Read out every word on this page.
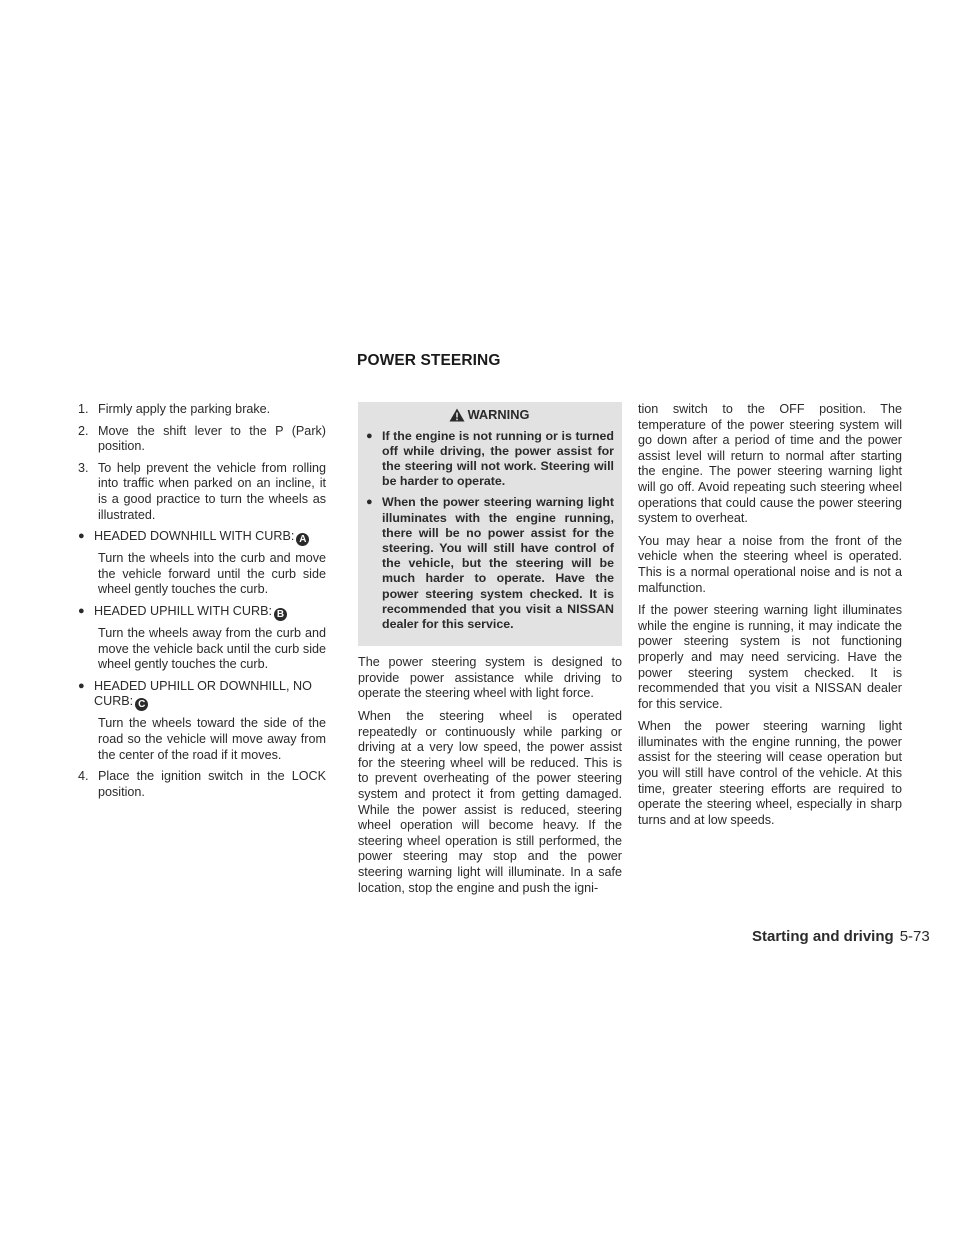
POWER STEERING
1. Firmly apply the parking brake.
2. Move the shift lever to the P (Park) position.
3. To help prevent the vehicle from rolling into traffic when parked on an incline, it is a good practice to turn the wheels as illustrated.
● HEADED DOWNHILL WITH CURB: A
Turn the wheels into the curb and move the vehicle forward until the curb side wheel gently touches the curb.
● HEADED UPHILL WITH CURB: B
Turn the wheels away from the curb and move the vehicle back until the curb side wheel gently touches the curb.
● HEADED UPHILL OR DOWNHILL, NO CURB: C
Turn the wheels toward the side of the road so the vehicle will move away from the center of the road if it moves.
4. Place the ignition switch in the LOCK position.
WARNING
● If the engine is not running or is turned off while driving, the power assist for the steering will not work. Steering will be harder to operate.
● When the power steering warning light illuminates with the engine running, there will be no power assist for the steering. You will still have control of the vehicle, but the steering will be much harder to operate. Have the power steering system checked. It is recommended that you visit a NISSAN dealer for this service.

The power steering system is designed to provide power assistance while driving to operate the steering wheel with light force.

When the steering wheel is operated repeatedly or continuously while parking or driving at a very low speed, the power assist for the steering wheel will be reduced. This is to prevent overheating of the power steering system and protect it from getting damaged. While the power assist is reduced, steering wheel operation will become heavy. If the steering wheel operation is still performed, the power steering may stop and the power steering warning light will illuminate. In a safe location, stop the engine and push the igni-

tion switch to the OFF position. The temperature of the power steering system will go down after a period of time and the power assist level will return to normal after starting the engine. The power steering warning light will go off. Avoid repeating such steering wheel operations that could cause the power steering system to overheat.

You may hear a noise from the front of the vehicle when the steering wheel is operated. This is a normal operational noise and is not a malfunction.

If the power steering warning light illuminates while the engine is running, it may indicate the power steering system is not functioning properly and may need servicing. Have the power steering system checked. It is recommended that you visit a NISSAN dealer for this service.

When the power steering warning light illuminates with the engine running, the power assist for the steering will cease operation but you will still have control of the vehicle. At this time, greater steering efforts are required to operate the steering wheel, especially in sharp turns and at low speeds.

Starting and driving 5-73
